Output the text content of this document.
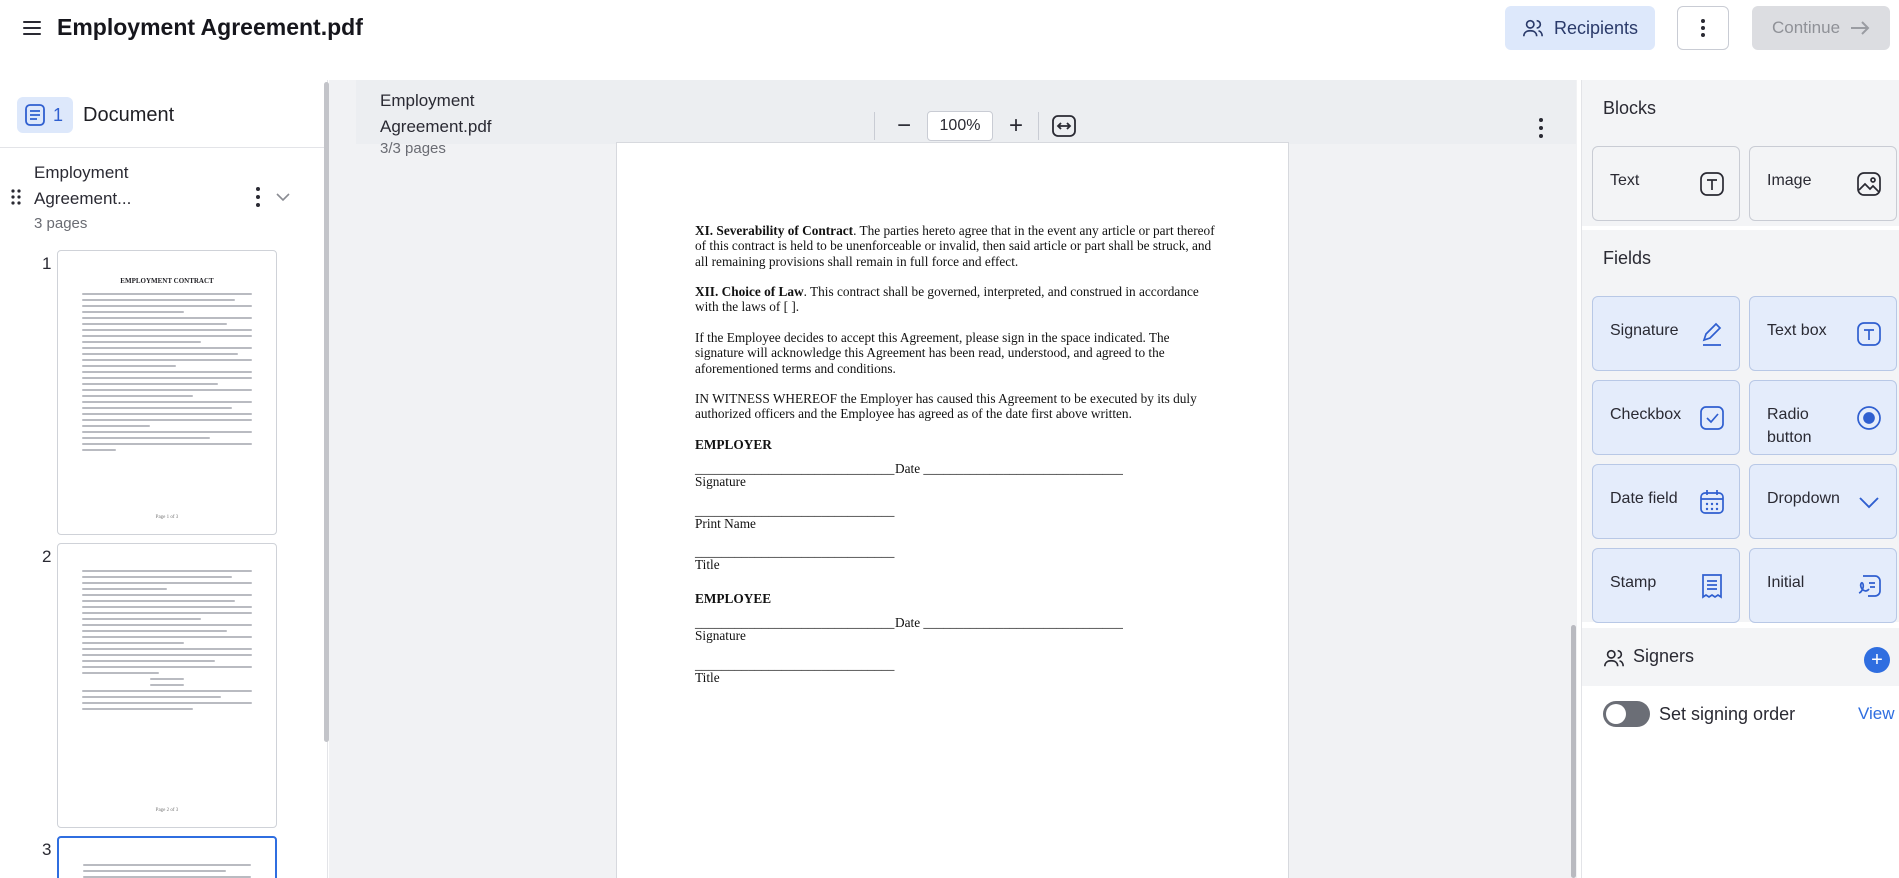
Employment Agreement.pdf	Recipients	Continue
1 Document
Employment
Agreement...
3 pages
1
EMPLOYMENT CONTRACT
Page 1 of 3
2
Page 2 of 3
3
Employment
Agreement.pdf
3/3 pages
−	100%	+

XI. Severability of Contract. The parties hereto agree that in the event any article or part thereof of this contract is held to be unenforceable or invalid, then said article or part shall be struck, and all remaining provisions shall remain in full force and effect.

XII. Choice of Law. This contract shall be governed, interpreted, and construed in accordance with the laws of [ ].

If the Employee decides to accept this Agreement, please sign in the space indicated. The signature will acknowledge this Agreement has been read, understood, and agreed to the aforementioned terms and conditions.

IN WITNESS WHEREOF the Employer has caused this Agreement to be executed by its duly authorized officers and the Employee has agreed as of the date first above written.

EMPLOYER
______________________________ Date ______________________________
Signature
______________________________
Print Name
______________________________
Title
EMPLOYEE
______________________________ Date ______________________________
Signature
______________________________
Title
Blocks
Text	Image
Fields
Signature	Text box
Checkbox	Radio button
Date field	Dropdown
Stamp	Initial
Signers	+
Set signing order	View
